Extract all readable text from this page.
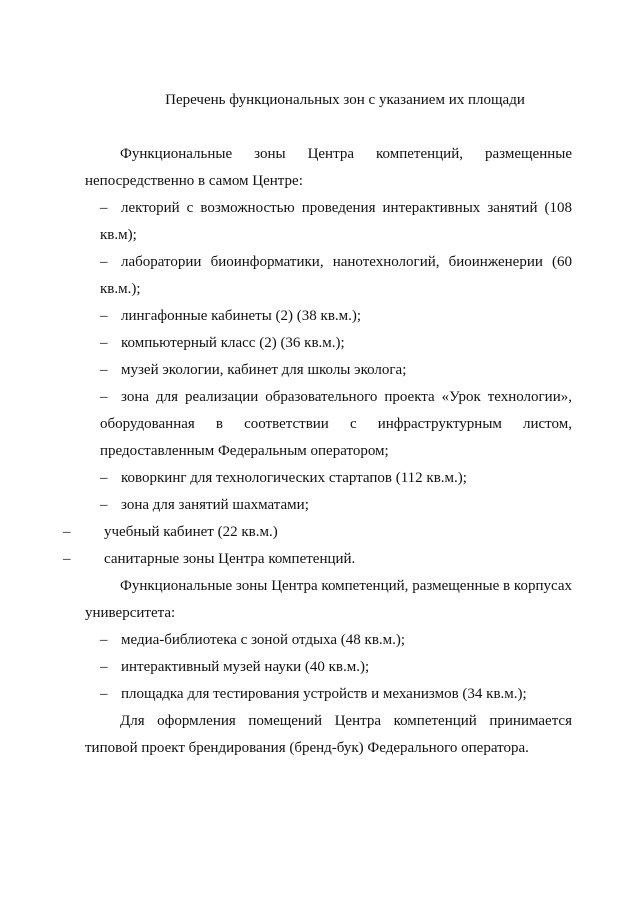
Перечень функциональных зон с указанием их площади
Функциональные зоны Центра компетенций, размещенные
непосредственно в самом Центре:
– лекторий с возможностью проведения интерактивных занятий (108
кв.м);
– лаборатории биоинформатики, нанотехнологий, биоинженерии (60
кв.м.);
– лингафонные кабинеты (2) (38 кв.м.);
– компьютерный класс (2) (36 кв.м.);
– музей экологии, кабинет для школы эколога;
– зона для реализации образовательного проекта «Урок технологии»,
оборудованная в соответствии с инфраструктурным листом,
предоставленным Федеральным оператором;
– коворкинг для технологических стартапов (112 кв.м.);
– зона для занятий шахматами;
– учебный кабинет (22 кв.м.)
– санитарные зоны Центра компетенций.
Функциональные зоны Центра компетенций, размещенные в корпусах
университета:
– медиа-библиотека с зоной отдыха (48 кв.м.);
– интерактивный музей науки (40 кв.м.);
– площадка для тестирования устройств и механизмов (34 кв.м.);
Для оформления помещений Центра компетенций принимается
типовой проект брендирования (бренд-бук) Федерального оператора.
